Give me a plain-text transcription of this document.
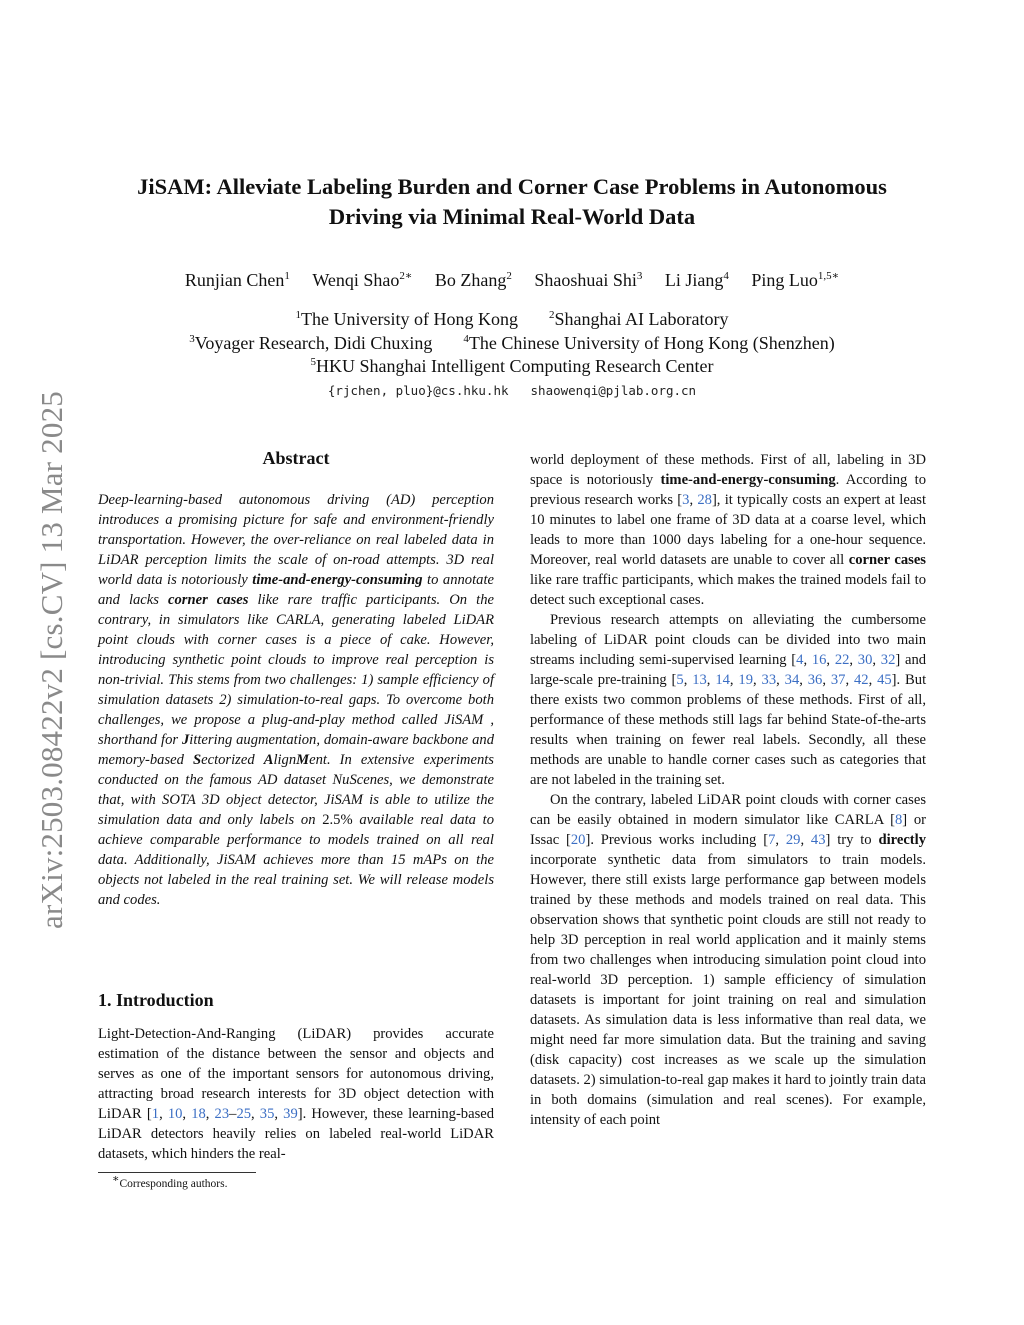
arXiv:2503.08422v2 [cs.CV] 13 Mar 2025
JiSAM: Alleviate Labeling Burden and Corner Case Problems in Autonomous
Driving via Minimal Real-World Data
Runjian Chen$^1$ Wenqi Shao$^{2∗}$ Bo Zhang$^2$ Shaoshuai Shi$^3$ Li Jiang$^4$ Ping Luo$^{1,5∗}$
$^1$The University of Hong Kong	$^2$Shanghai AI Laboratory
$^3$Voyager Research, Didi Chuxing	$^4$The Chinese University of Hong Kong (Shenzhen)
$^5$HKU Shanghai Intelligent Computing Research Center
{rjchen, pluo}@cs.hku.hk shaowenqi@pjlab.org.cn
Abstract
Deep-learning-based autonomous driving (AD) perception introduces a promising picture for safe and environment-friendly transportation. However, the over-reliance on real labeled data in LiDAR perception limits the scale of on-road attempts. 3D real world data is notoriously time-and-energy-consuming to annotate and lacks corner cases like rare traffic participants. On the contrary, in simulators like CARLA, generating labeled LiDAR point clouds with corner cases is a piece of cake. However, introducing synthetic point clouds to improve real perception is non-trivial. This stems from two challenges: 1) sample efficiency of simulation datasets 2) simulation-to-real gaps. To overcome both challenges, we propose a plug-and-play method called JiSAM , shorthand for Jittering augmentation, domain-aware backbone and memory-based Sectorized AlignMent. In extensive experiments conducted on the famous AD dataset NuScenes, we demonstrate that, with SOTA 3D object detector, JiSAM is able to utilize the simulation data and only labels on 2.5% available real data to achieve comparable performance to models trained on all real data. Additionally, JiSAM achieves more than 15 mAPs on the objects not labeled in the real training set. We will release models and codes.
1. Introduction
Light-Detection-And-Ranging (LiDAR) provides accurate estimation of the distance between the sensor and objects and serves as one of the important sensors for autonomous driving, attracting broad research interests for 3D object detection with LiDAR [1, 10, 18, 23–25, 35, 39]. However, these learning-based LiDAR detectors heavily relies on labeled real-world LiDAR datasets, which hinders the real-
∗Corresponding authors.

world deployment of these methods. First of all, labeling in 3D space is notoriously time-and-energy-consuming. According to previous research works [3, 28], it typically costs an expert at least 10 minutes to label one frame of 3D data at a coarse level, which leads to more than 1000 days labeling for a one-hour sequence. Moreover, real world datasets are unable to cover all corner cases like rare traffic participants, which makes the trained models fail to detect such exceptional cases.

Previous research attempts on alleviating the cumbersome labeling of LiDAR point clouds can be divided into two main streams including semi-supervised learning [4, 16, 22, 30, 32] and large-scale pre-training [5, 13, 14, 19, 33, 34, 36, 37, 42, 45]. But there exists two common problems of these methods. First of all, performance of these methods still lags far behind State-of-the-arts results when training on fewer real labels. Secondly, all these methods are unable to handle corner cases such as categories that are not labeled in the training set.

On the contrary, labeled LiDAR point clouds with corner cases can be easily obtained in modern simulator like CARLA [8] or Issac [20]. Previous works including [7, 29, 43] try to directly incorporate synthetic data from simulators to train models. However, there still exists large performance gap between models trained by these methods and models trained on real data. This observation shows that synthetic point clouds are still not ready to help 3D perception in real world application and it mainly stems from two challenges when introducing simulation point cloud into real-world 3D perception. 1) sample efficiency of simulation datasets is important for joint training on real and simulation datasets. As simulation data is less informative than real data, we might need far more simulation data. But the training and saving (disk capacity) cost increases as we scale up the simulation datasets. 2) simulation-to-real gap makes it hard to jointly train data in both domains (simulation and real scenes). For example, intensity of each point
